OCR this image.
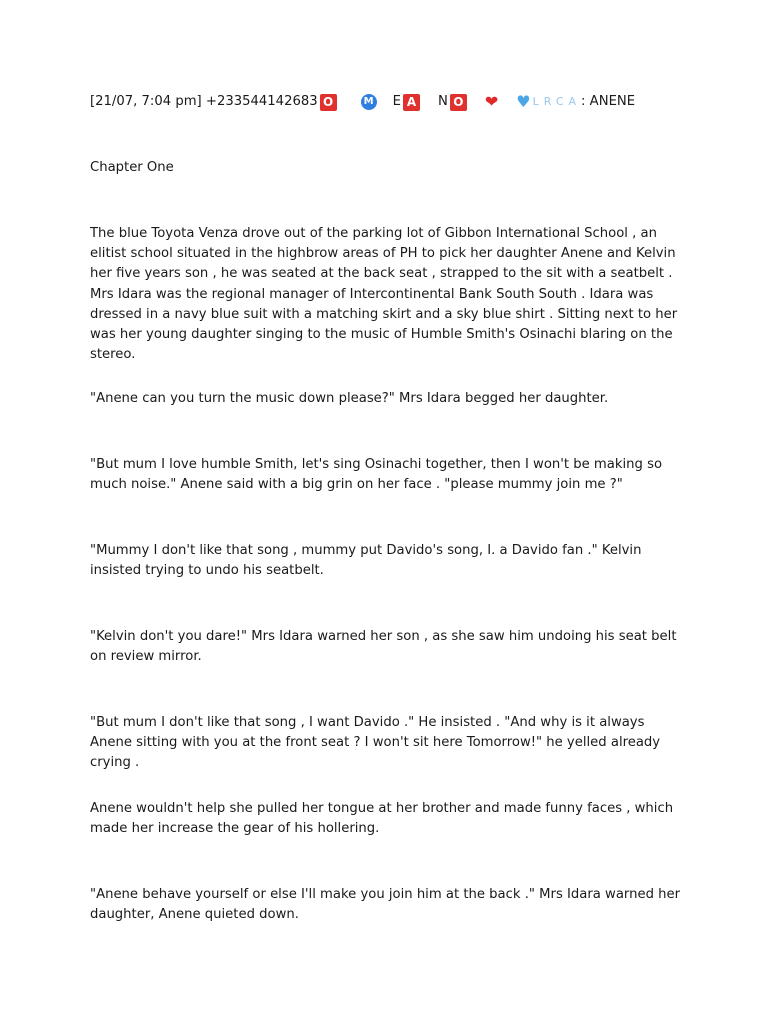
[21/07, 7:04 pm] +233544142683 O	M E A N O ❤ ♥ LRCA : ANENE
Chapter One

The blue Toyota Venza drove out of the parking lot of Gibbon International School , an elitist school situated in the highbrow areas of PH to pick her daughter Anene and Kelvin her five years son , he was seated at the back seat , strapped to the sit with a seatbelt . Mrs Idara was the regional manager of Intercontinental Bank South South . Idara was dressed in a navy blue suit with a matching skirt and a sky blue shirt . Sitting next to her was her young daughter singing to the music of Humble Smith's Osinachi blaring on the stereo.

"Anene can you turn the music down please?" Mrs Idara begged her daughter.

"But mum I love humble Smith, let's sing Osinachi together, then I won't be making so much noise." Anene said with a big grin on her face . "please mummy join me ?"

"Mummy I don't like that song , mummy put Davido's song, I. a Davido fan ." Kelvin insisted trying to undo his seatbelt.

"Kelvin don't you dare!" Mrs Idara warned her son , as she saw him undoing his seat belt on review mirror.

"But mum I don't like that song , I want Davido ." He insisted . "And why is it always Anene sitting with you at the front seat ? I won't sit here Tomorrow!" he yelled already crying .

Anene wouldn't help she pulled her tongue at her brother and made funny faces , which made her increase the gear of his hollering.

"Anene behave yourself or else I'll make you join him at the back ." Mrs Idara warned her daughter, Anene quieted down.
